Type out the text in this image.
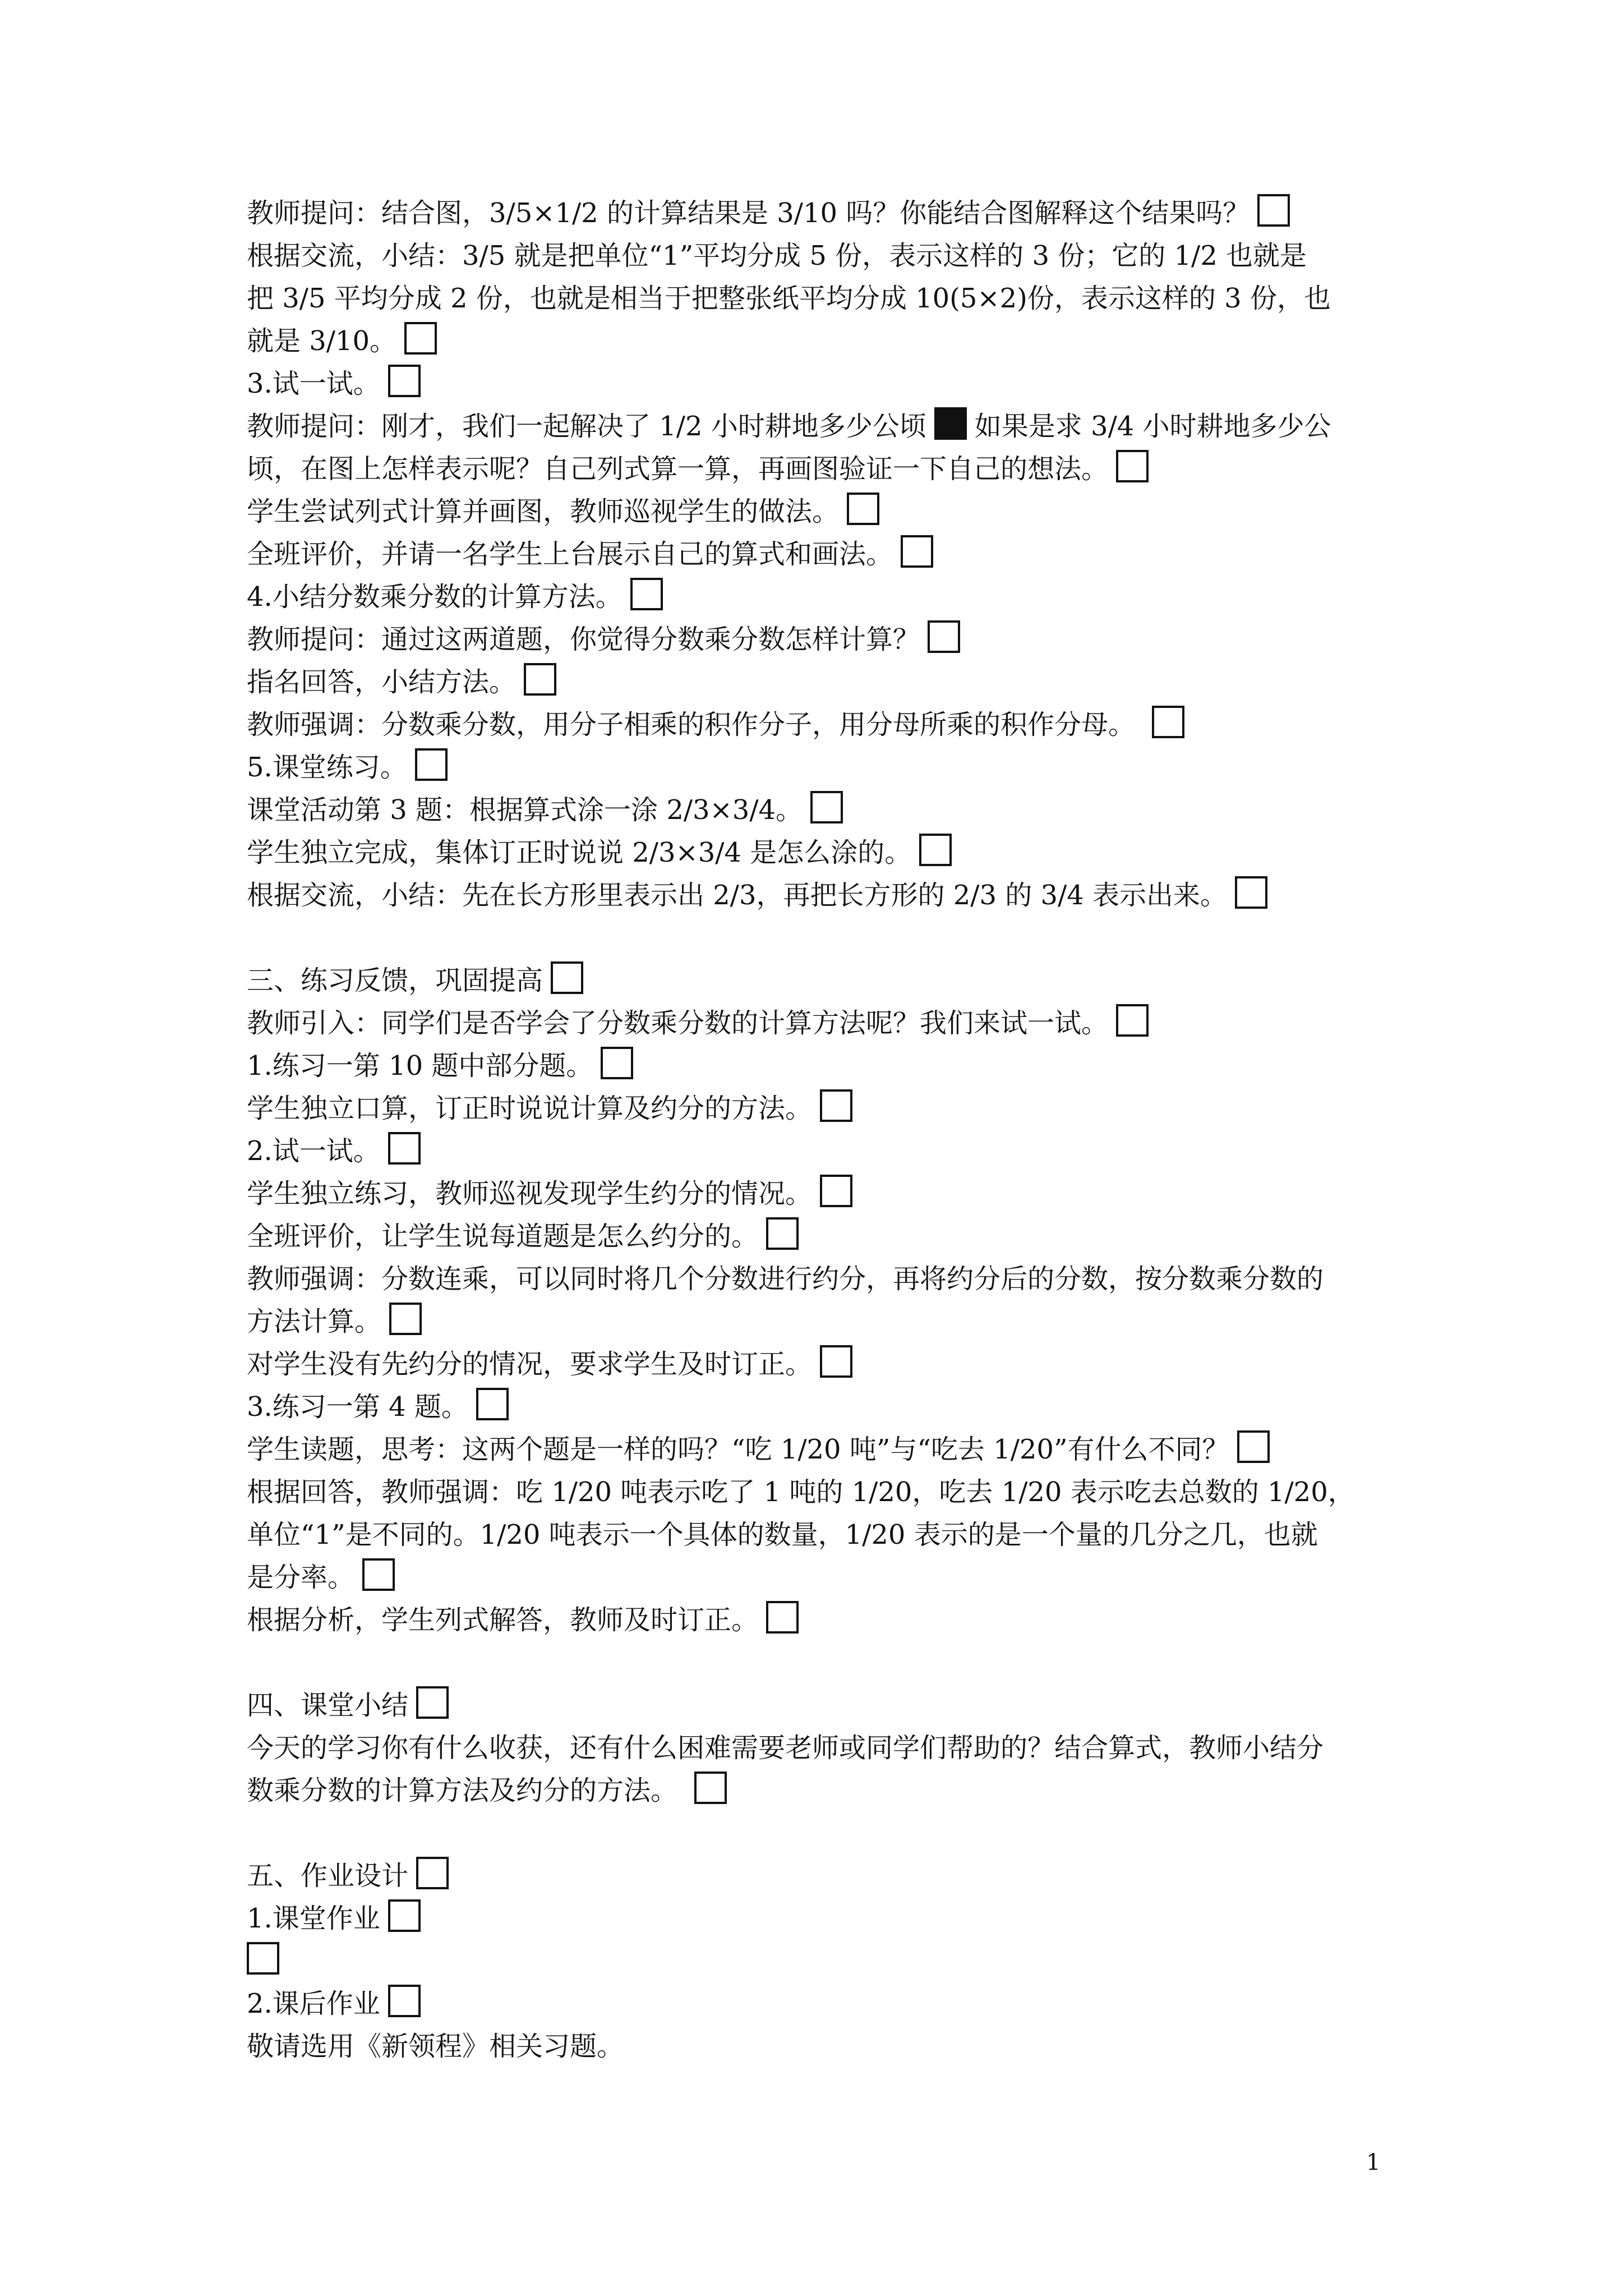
教师提问：结合图，3/5×1/2 的计算结果是 3/10 吗？你能结合图解释这个结果吗？
根据交流，小结：3/5 就是把单位“1”平均分成 5 份，表示这样的 3 份；它的 1/2 也就是
把 3/5 平均分成 2 份，也就是相当于把整张纸平均分成 10(5×2)份，表示这样的 3 份，也
就是 3/10。
3.试一试。
教师提问：刚才，我们一起解决了 1/2 小时耕地多少公顷 如果是求 3/4 小时耕地多少公
顷，在图上怎样表示呢？自己列式算一算，再画图验证一下自己的想法。
学生尝试列式计算并画图，教师巡视学生的做法。
全班评价，并请一名学生上台展示自己的算式和画法。
4.小结分数乘分数的计算方法。
教师提问：通过这两道题，你觉得分数乘分数怎样计算？
指名回答，小结方法。
教师强调：分数乘分数，用分子相乘的积作分子，用分母所乘的积作分母。
5.课堂练习。
课堂活动第 3 题：根据算式涂一涂 2/3×3/4。
学生独立完成，集体订正时说说 2/3×3/4 是怎么涂的。
根据交流，小结：先在长方形里表示出 2/3，再把长方形的 2/3 的 3/4 表示出来。
三、练习反馈，巩固提高
教师引入：同学们是否学会了分数乘分数的计算方法呢？我们来试一试。
1.练习一第 10 题中部分题。
学生独立口算，订正时说说计算及约分的方法。
2.试一试。
学生独立练习，教师巡视发现学生约分的情况。
全班评价，让学生说每道题是怎么约分的。
教师强调：分数连乘，可以同时将几个分数进行约分，再将约分后的分数，按分数乘分数的
方法计算。
对学生没有先约分的情况，要求学生及时订正。
3.练习一第 4 题。
学生读题，思考：这两个题是一样的吗？“吃 1/20 吨”与“吃去 1/20”有什么不同？
根据回答，教师强调：吃 1/20 吨表示吃了 1 吨的 1/20，吃去 1/20 表示吃去总数的 1/20，
单位“1”是不同的。1/20 吨表示一个具体的数量，1/20 表示的是一个量的几分之几，也就
是分率。
根据分析，学生列式解答，教师及时订正。
四、课堂小结
今天的学习你有什么收获，还有什么困难需要老师或同学们帮助的？结合算式，教师小结分
数乘分数的计算方法及约分的方法。
五、作业设计
1.课堂作业
2.课后作业
敬请选用《新领程》相关习题。
1
